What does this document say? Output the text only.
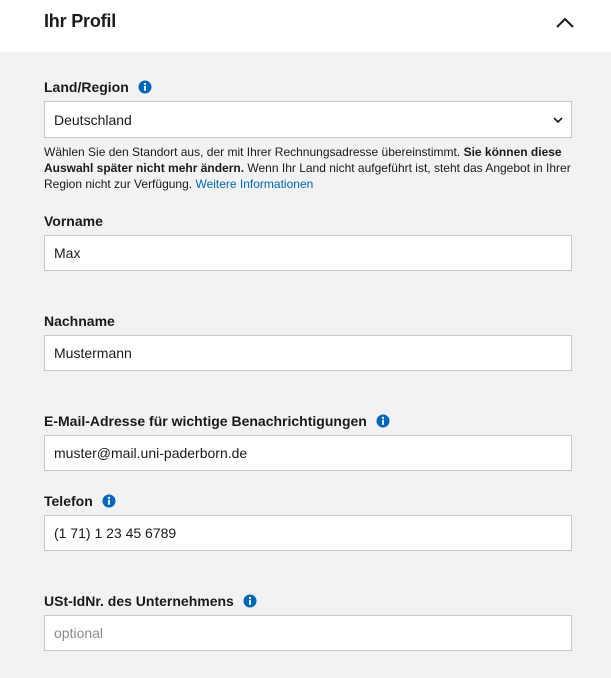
Ihr Profil
Land/Region
Deutschland
Wählen Sie den Standort aus, der mit Ihrer Rechnungsadresse übereinstimmt. Sie können diese Auswahl später nicht mehr ändern. Wenn Ihr Land nicht aufgeführt ist, steht das Angebot in Ihrer Region nicht zur Verfügung. Weitere Informationen
Vorname
Max
Nachname
Mustermann
E-Mail-Adresse für wichtige Benachrichtigungen
muster@mail.uni-paderborn.de
Telefon
(1 71) 1 23 45 6789
USt-IdNr. des Unternehmens
optional
